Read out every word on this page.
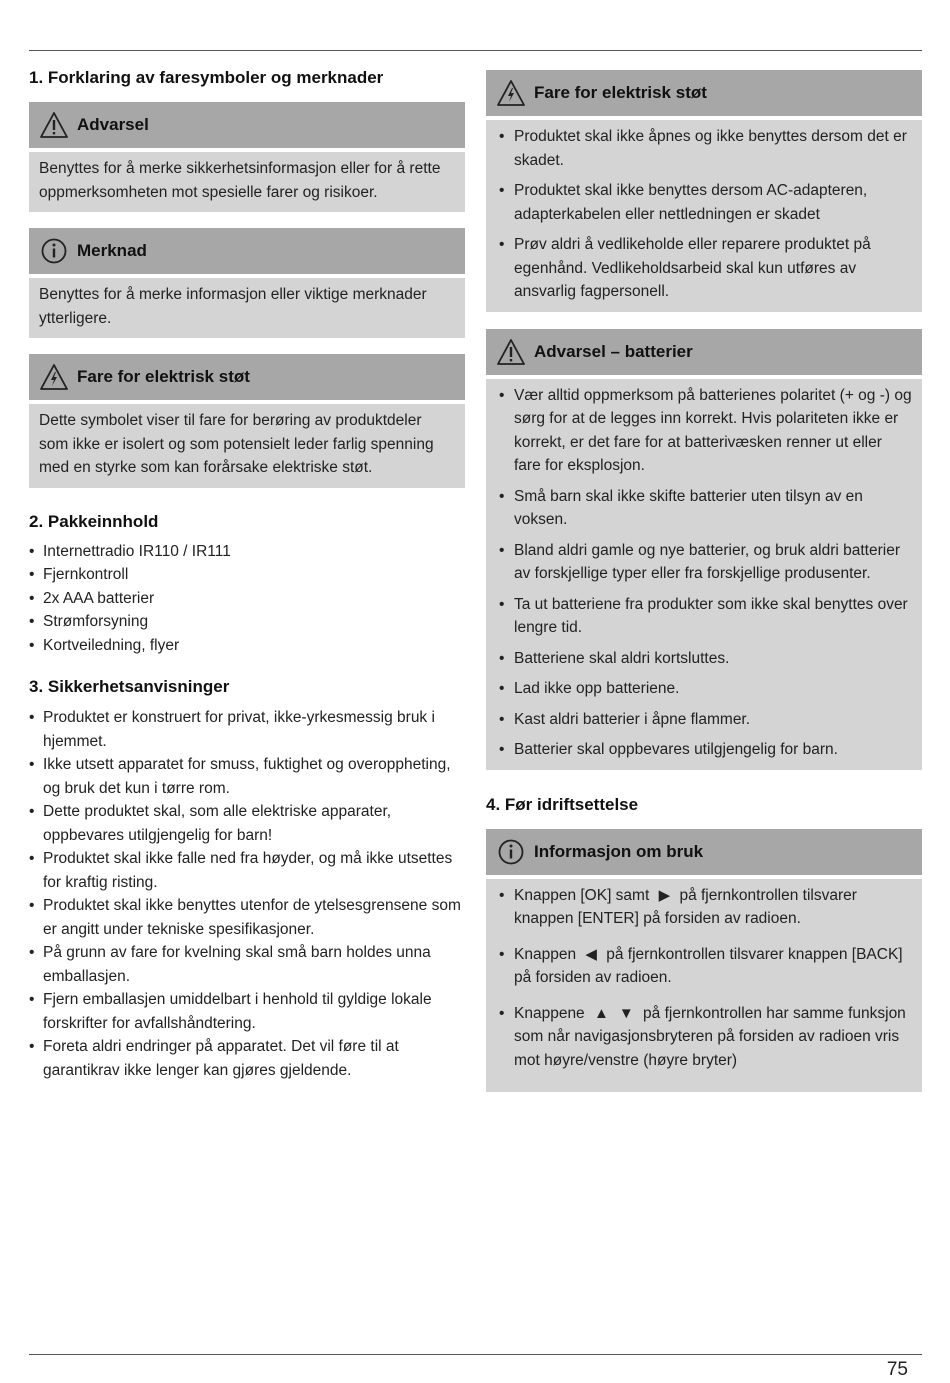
1. Forklaring av faresymboler og merknader
Advarsel
Benyttes for å merke sikkerhetsinformasjon eller for å rette oppmerksomheten mot spesielle farer og risikoer.
Merknad
Benyttes for å merke informasjon eller viktige merknader ytterligere.
Fare for elektrisk støt
Dette symbolet viser til fare for berøring av produktdeler som ikke er isolert og som potensielt leder farlig spenning med en styrke som kan forårsake elektriske støt.
2. Pakkeinnhold
• Internettradio IR110 / IR111
• Fjernkontroll
• 2x AAA batterier
• Strømforsyning
• Kortveiledning, flyer
3. Sikkerhetsanvisninger
• Produktet er konstruert for privat, ikke-yrkesmessig bruk i hjemmet.
• Ikke utsett apparatet for smuss, fuktighet og overoppheting, og bruk det kun i tørre rom.
• Dette produktet skal, som alle elektriske apparater, oppbevares utilgjengelig for barn!
• Produktet skal ikke falle ned fra høyder, og må ikke utsettes for kraftig risting.
• Produktet skal ikke benyttes utenfor de ytelsesgrensene som er angitt under tekniske spesifikasjoner.
• På grunn av fare for kvelning skal små barn holdes unna emballasjen.
• Fjern emballasjen umiddelbart i henhold til gyldige lokale forskrifter for avfallshåndtering.
• Foreta aldri endringer på apparatet. Det vil føre til at garantikrav ikke lenger kan gjøres gjeldende.
Fare for elektrisk støt
• Produktet skal ikke åpnes og ikke benyttes dersom det er skadet.
• Produktet skal ikke benyttes dersom AC-adapteren, adapterkabelen eller nettledningen er skadet
• Prøv aldri å vedlikeholde eller reparere produktet på egenhånd. Vedlikeholdsarbeid skal kun utføres av ansvarlig fagpersonell.
Advarsel – batterier
• Vær alltid oppmerksom på batterienes polaritet (+ og -) og sørg for at de legges inn korrekt. Hvis polariteten ikke er korrekt, er det fare for at batterivæsken renner ut eller fare for eksplosjon.
• Små barn skal ikke skifte batterier uten tilsyn av en voksen.
• Bland aldri gamle og nye batterier, og bruk aldri batterier av forskjellige typer eller fra forskjellige produsenter.
• Ta ut batteriene fra produkter som ikke skal benyttes over lengre tid.
• Batteriene skal aldri kortsluttes.
• Lad ikke opp batteriene.
• Kast aldri batterier i åpne flammer.
• Batterier skal oppbevares utilgjengelig for barn.
4. Før idriftsettelse
Informasjon om bruk
• Knappen [OK] samt ▶ på fjernkontrollen tilsvarer knappen [ENTER] på forsiden av radioen.
• Knappen ◀ på fjernkontrollen tilsvarer knappen [BACK] på forsiden av radioen.
• Knappene ▲ ▼ på fjernkontrollen har samme funksjon som når navigasjonsbryteren på forsiden av radioen vris mot høyre/venstre (høyre bryter)
75
